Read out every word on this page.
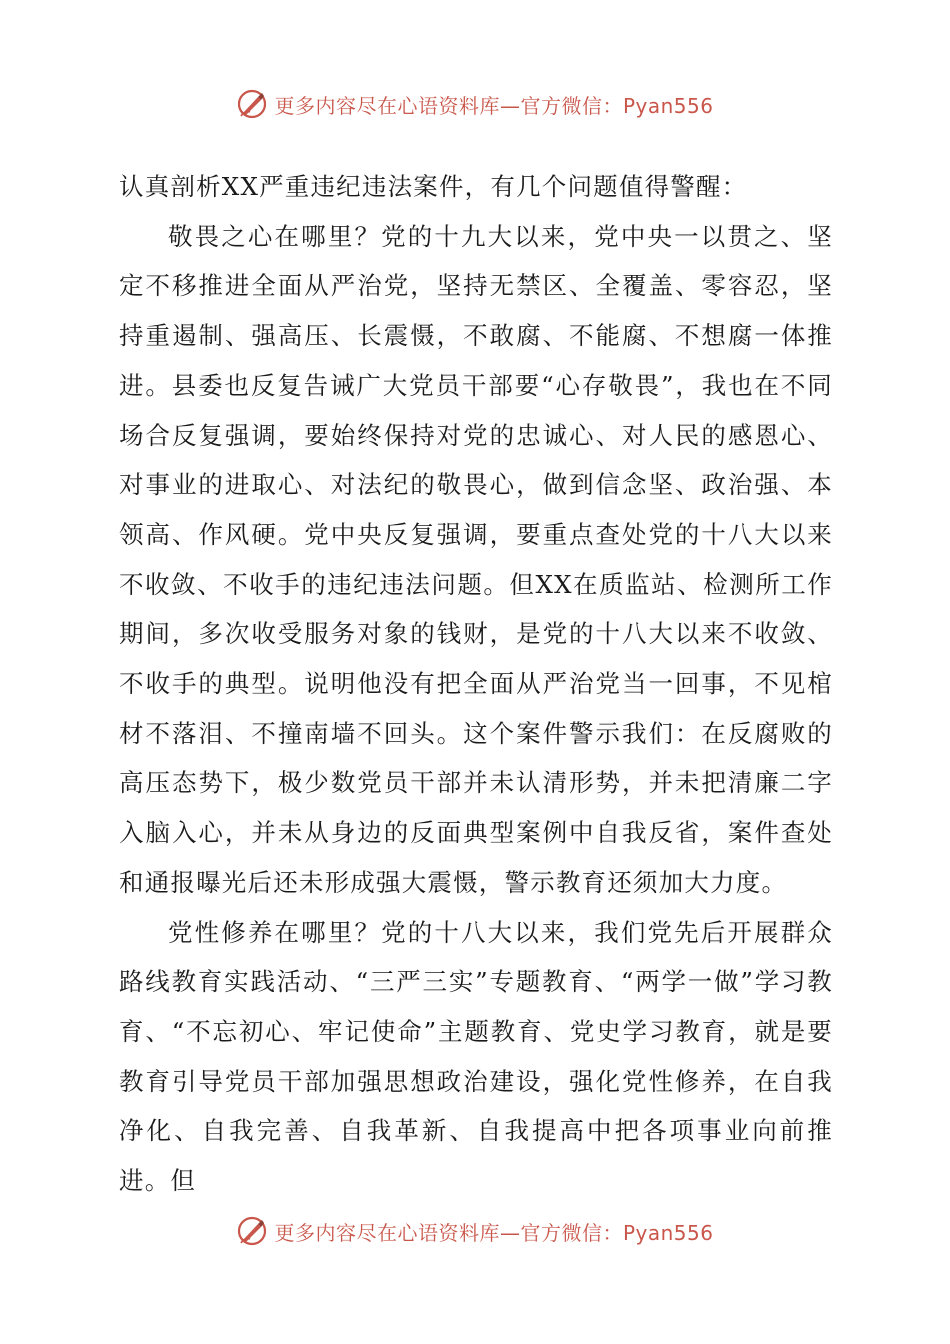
更多内容尽在心语资料库—官方微信：Pyan556

认真剖析XX严重违纪违法案件，有几个问题值得警醒：

敬畏之心在哪里？党的十九大以来，党中央一以贯之、坚定不移推进全面从严治党，坚持无禁区、全覆盖、零容忍，坚持重遏制、强高压、长震慑，不敢腐、不能腐、不想腐一体推进。县委也反复告诫广大党员干部要“心存敬畏”，我也在不同场合反复强调，要始终保持对党的忠诚心、对人民的感恩心、对事业的进取心、对法纪的敬畏心，做到信念坚、政治强、本领高、作风硬。党中央反复强调，要重点查处党的十八大以来不收敛、不收手的违纪违法问题。但XX在质监站、检测所工作期间，多次收受服务对象的钱财，是党的十八大以来不收敛、不收手的典型。说明他没有把全面从严治党当一回事，不见棺材不落泪、不撞南墙不回头。这个案件警示我们：在反腐败的高压态势下，极少数党员干部并未认清形势，并未把清廉二字入脑入心，并未从身边的反面典型案例中自我反省，案件查处和通报曝光后还未形成强大震慑，警示教育还须加大力度。

党性修养在哪里？党的十八大以来，我们党先后开展群众路线教育实践活动、“三严三实”专题教育、“两学一做”学习教育、“不忘初心、牢记使命”主题教育、党史学习教育，就是要教育引导党员干部加强思想政治建设，强化党性修养，在自我净化、自我完善、自我革新、自我提高中把各项事业向前推进。但

更多内容尽在心语资料库—官方微信：Pyan556
